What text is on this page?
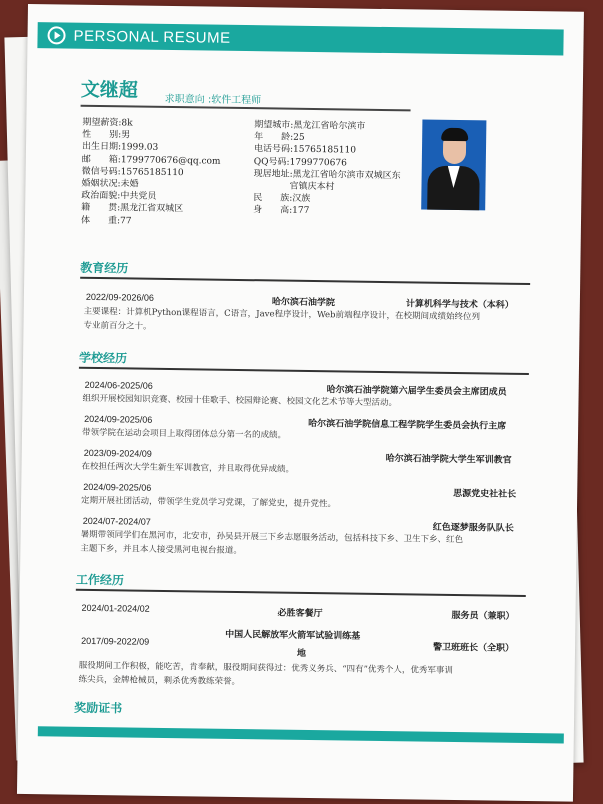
PERSONAL RESUME
文继超	求职意向 :软件工程师
期望薪资:8k
性　　别:男
出生日期:1999.03
邮　　箱:1799770676@qq.com
微信号码:15765185110
婚姻状况:未婚
政治面貌:中共党员
籍　　贯:黑龙江省双城区
体　　重:77
期望城市:黑龙江省哈尔滨市
年　　龄:25
电话号码:15765185110
QQ号码:1799770676
现居地址:黑龙江省哈尔滨市双城区东
　　　　官镇庆本村
民　　族:汉族
身　　高:177
教育经历
2022/09-2026/06
哈尔滨石油学院	计算机科学与技术（本科）
主要课程：计算机Python课程语言，C语言，Jave程序设计，Web前端程序设计，在校期间成绩始终位列
专业前百分之十。
学校经历
2024/06-2025/06	哈尔滨石油学院第六届学生委员会主席团成员
组织开展校园知识竞赛、校园十佳歌手、校园辩论赛、校园文化艺术节等大型活动。
2024/09-2025/06	哈尔滨石油学院信息工程学院学生委员会执行主席
带领学院在运动会项目上取得团体总分第一名的成绩。
2023/09-2024/09
哈尔滨石油学院大学生军训教官
在校担任两次大学生新生军训教官，并且取得优异成绩。
2024/09-2025/06
思源党史社社长
定期开展社团活动，带领学生党员学习党课，了解党史，提升党性。
2024/07-2024/07
红色逐梦服务队队长
暑期带领同学们在黑河市，北安市，孙吴县开展三下乡志愿服务活动，包括科技下乡、卫生下乡、红色
主题下乡，并且本人接受黑河电视台报道。
工作经历
2024/01-2024/02
必胜客餐厅	服务员（兼职）
2017/09-2022/09	中国人民解放军火箭军试验训练基
地
警卫班班长（全职）
服役期间工作积极，能吃苦，肯奉献，服役期间获得过：优秀义务兵、“四有”优秀个人，优秀军事训
练尖兵，金牌枪械员，剩杀优秀教练荣誉。
奖励证书
